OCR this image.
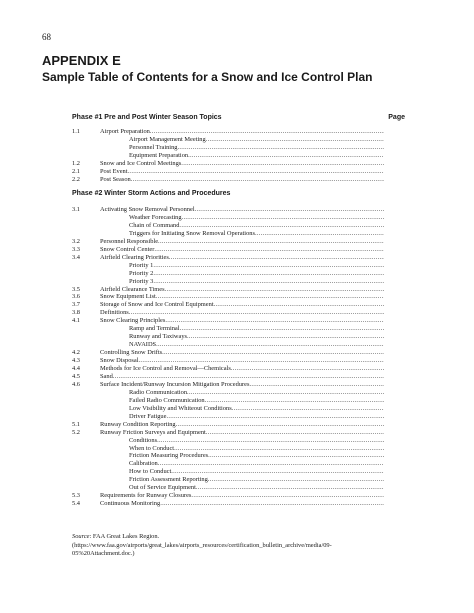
68
APPENDIX E
Sample Table of Contents for a Snow and Ice Control Plan
Phase #1 Pre and Post Winter Season Topics	Page
1.1	Airport Preparation .....
Airport Management Meeting .....
Personnel Training .....
Equipment Preparation .....
1.2	Snow and Ice Control Meetings .....
2.1	Post Event .....
2.2	Post Season .....
Phase #2 Winter Storm Actions and Procedures
3.1	Activating Snow Removal Personnel .....
Weather Forecasting .....
Chain of Command .....
Triggers for Initiating Snow Removal Operations .....
3.2	Personnel Responsible .....
3.3	Snow Control Center .....
3.4	Airfield Clearing Priorities .....
Priority 1 .....
Priority 2 .....
Priority 3 .....
3.5	Airfield Clearance Times .....
3.6	Snow Equipment List .....
3.7	Storage of Snow and Ice Control Equipment .....
3.8	Definitions .....
4.1	Snow Clearing Principles .....
Ramp and Terminal .....
Runway and Taxiways .....
NAVAIDS .....
4.2	Controlling Snow Drifts .....
4.3	Snow Disposal .....
4.4	Methods for Ice Control and Removal—Chemicals .....
4.5	Sand .....
4.6	Surface Incident/Runway Incursion Mitigation Procedures .....
Radio Communication .....
Failed Radio Communication .....
Low Visibility and Whiteout Conditions .....
Driver Fatigue .....
5.1	Runway Condition Reporting .....
5.2	Runway Friction Surveys and Equipment .....
Conditions .....
When to Conduct .....
Friction Measuring Procedures .....
Calibration .....
How to Conduct .....
Friction Assessment Reporting .....
Out of Service Equipment .....
5.3	Requirements for Runway Closures .....
5.4	Continuous Monitoring .....
Source: FAA Great Lakes Region.
(https://www.faa.gov/airports/great_lakes/airports_resources/certification_bulletin_archive/media/09-05%20Attachment.doc.)
